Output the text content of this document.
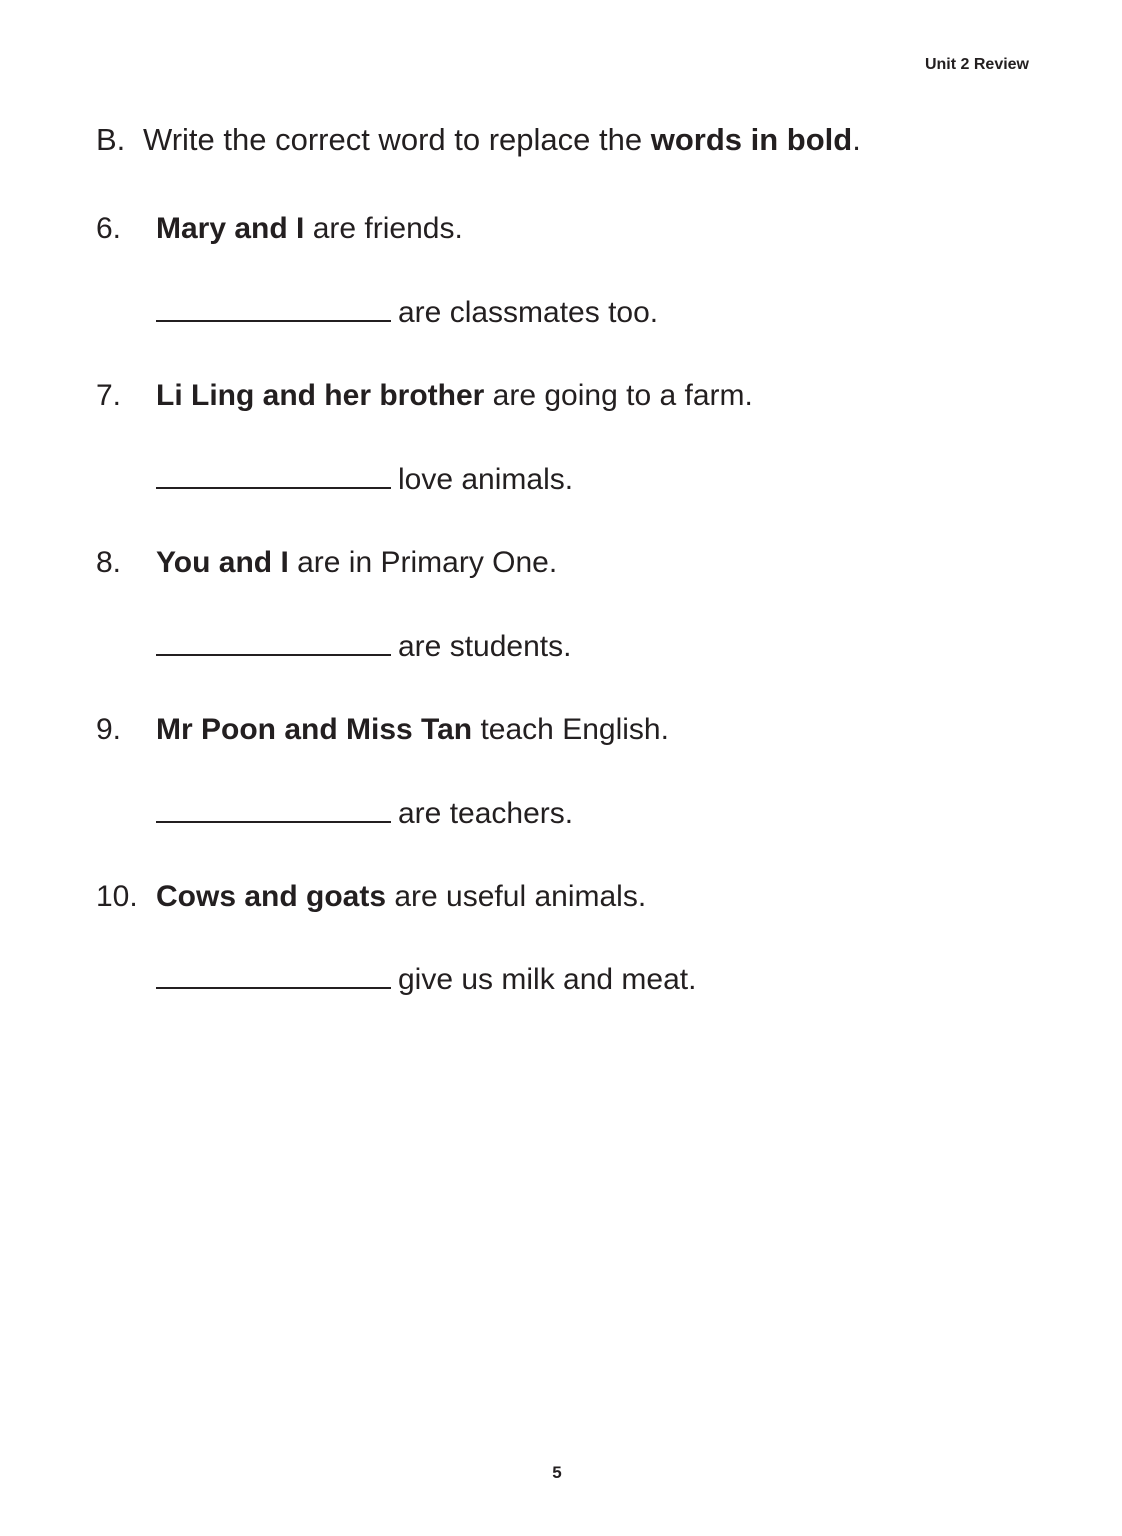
Unit 2 Review
B. Write the correct word to replace the words in bold.
6. Mary and I are friends.
are classmates too.
7. Li Ling and her brother are going to a farm.
love animals.
8. You and I are in Primary One.
are students.
9. Mr Poon and Miss Tan teach English.
are teachers.
10. Cows and goats are useful animals.
give us milk and meat.
5
